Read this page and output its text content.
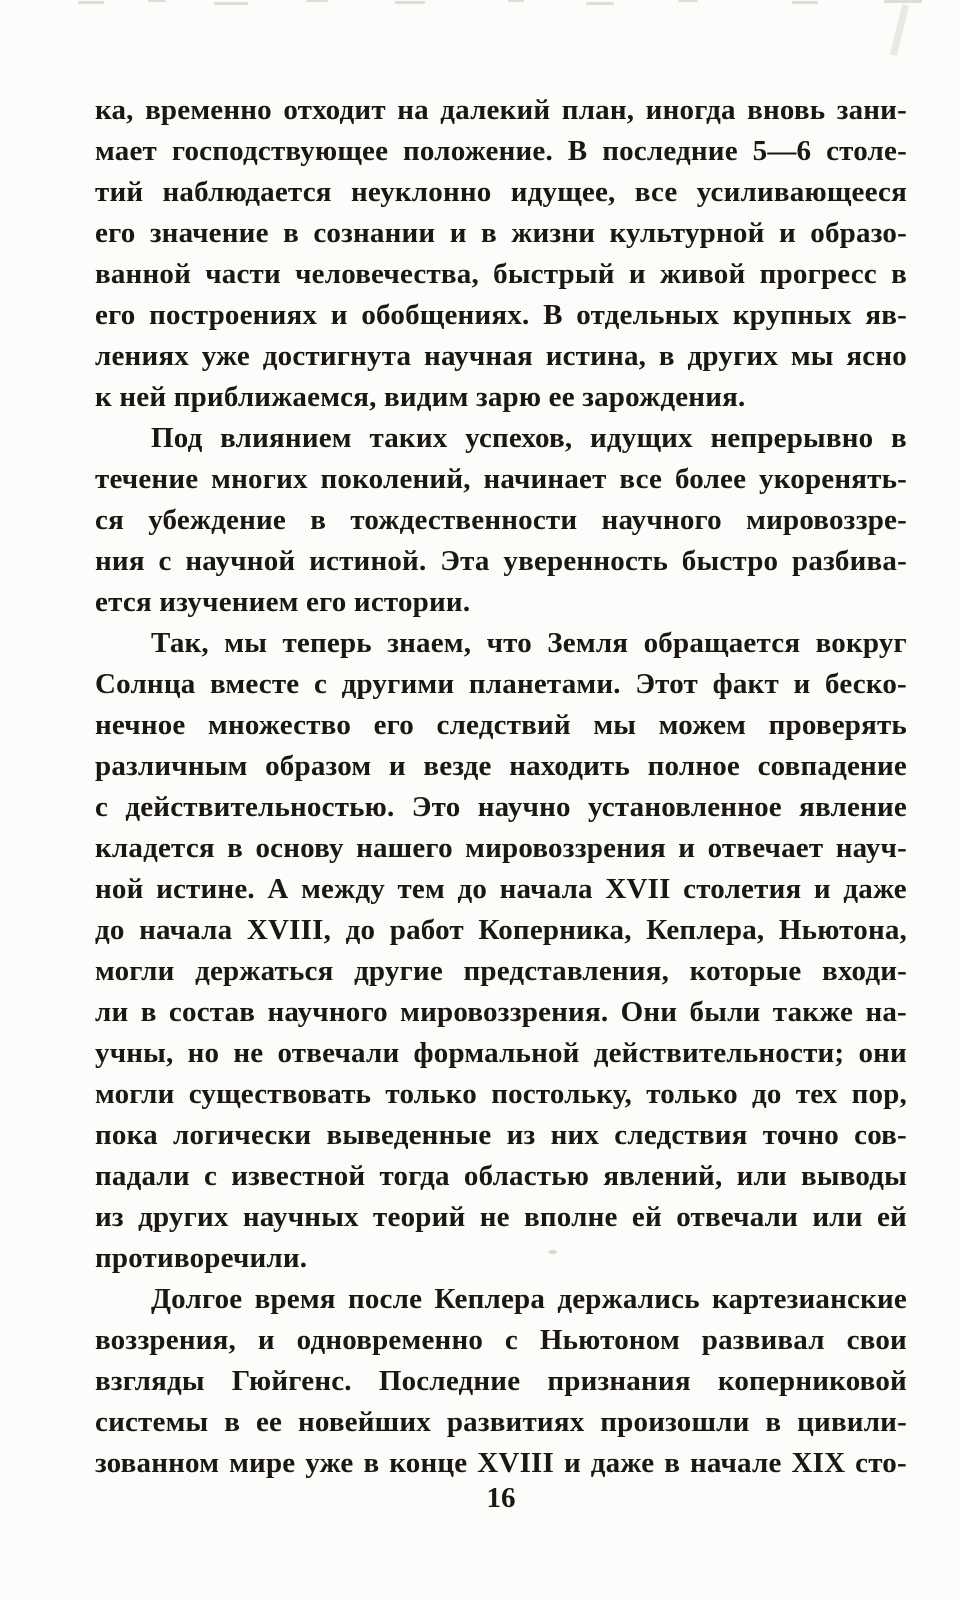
ка, временно отходит на далекий план, иногда вновь зани-
мает господствующее положение. В последние 5—6 столе-
тий наблюдается неуклонно идущее, все усиливающееся
его значение в сознании и в жизни культурной и образо-
ванной части человечества, быстрый и живой прогресс в
его построениях и обобщениях. В отдельных крупных яв-
лениях уже достигнута научная истина, в других мы ясно
к ней приближаемся, видим зарю ее зарождения.
Под влиянием таких успехов, идущих непрерывно в
течение многих поколений, начинает все более укоренять-
ся убеждение в тождественности научного мировоззре-
ния с научной истиной. Эта уверенность быстро разбива-
ется изучением его истории.
Так, мы теперь знаем, что Земля обращается вокруг
Солнца вместе с другими планетами. Этот факт и беско-
нечное множество его следствий мы можем проверять
различным образом и везде находить полное совпадение
с действительностью. Это научно установленное явление
кладется в основу нашего мировоззрения и отвечает науч-
ной истине. А между тем до начала XVII столетия и даже
до начала XVIII, до работ Коперника, Кеплера, Ньютона,
могли держаться другие представления, которые входи-
ли в состав научного мировоззрения. Они были также на-
учны, но не отвечали формальной действительности; они
могли существовать только постольку, только до тех пор,
пока логически выведенные из них следствия точно сов-
падали с известной тогда областью явлений, или выводы
из других научных теорий не вполне ей отвечали или ей
противоречили.
Долгое время после Кеплера держались картезианские
воззрения, и одновременно с Ньютоном развивал свои
взгляды Гюйгенс. Последние признания коперниковой
системы в ее новейших развитиях произошли в цивили-
зованном мире уже в конце XVIII и даже в начале XIX сто-
16
